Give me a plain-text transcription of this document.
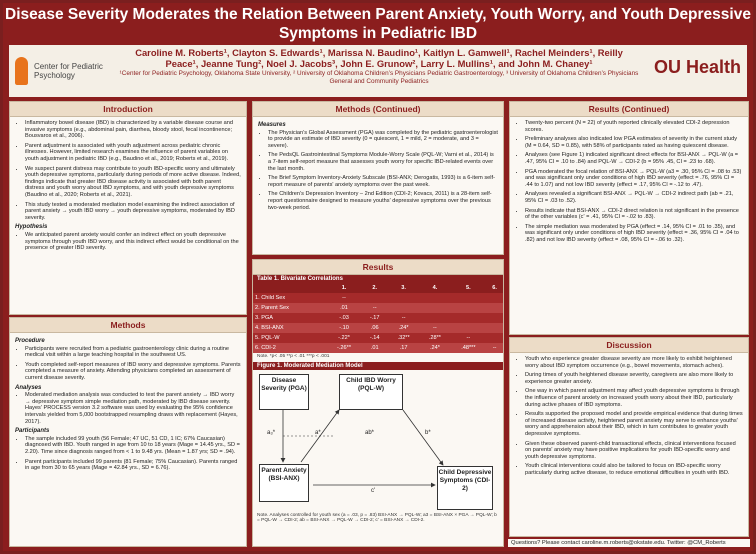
Disease Severity Moderates the Relation Between Parent Anxiety, Youth Worry, and Youth Depressive Symptoms in Pediatric IBD
Center for Pediatric Psychology
Caroline M. Roberts¹, Clayton S. Edwards¹, Marissa N. Baudino¹, Kaitlyn L. Gamwell¹, Rachel Meinders¹, Reilly Peace¹, Jeanne Tung², Noel J. Jacobs³, John E. Grunow², Larry L. Mullins¹, and John M. Chaney¹
¹Center for Pediatric Psychology, Oklahoma State University, ² University of Oklahoma Children’s Physicians Pediatric Gastroenterology, ³ University of Oklahoma Children’s Physicians General and Community Pediatrics
OU Health
Introduction
• Inflammatory bowel disease (IBD) is characterized by a variable disease course and invasive symptoms (e.g., abdominal pain, diarrhea, bloody stool, fecal incontinence; Bousvaros et al., 2006).
• Parent adjustment is associated with youth adjustment across pediatric chronic illnesses. However, limited research examines the influence of parent variables on youth adjustment in pediatric IBD (e.g., Baudino et al., 2019; Roberts et al., 2019).
• We suspect parent distress may contribute to youth IBD-specific worry and ultimately youth depressive symptoms, particularly during periods of more active disease. Indeed, findings indicate that greater IBD disease activity is associated with both parent distress and youth worry about IBD symptoms, and with youth depressive symptoms (Baudino et al., 2020; Roberts et al., 2021).
• This study tested a moderated mediation model examining the indirect association of parent anxiety → youth IBD worry → youth depressive symptoms, moderated by IBD severity.
Hypothesis
• We anticipated parent anxiety would confer an indirect effect on youth depressive symptoms through youth IBD worry, and this indirect effect would be conditional on the presence of greater IBD severity.
Methods
Procedure
• Participants were recruited from a pediatric gastroenterology clinic during a routine medical visit within a large teaching hospital in the southwest US.
• Youth completed self-report measures of IBD worry and depressive symptoms. Parents completed a measure of anxiety. Attending physicians completed an assessment of current disease severity.
Analyses
• Moderated mediation analysis was conducted to test the parent anxiety → IBD worry → depressive symptom simple mediation path, moderated by IBD disease severity. Hayes' PROCESS version 3.2 software was used by evaluating the 95% confidence intervals yielded from 5,000 bootstrapped resampling draws with replacement (Hayes, 2017).
Participants
• The sample included 99 youth (56 Female; 47 UC, 51 CD, 1 IC; 67% Caucasian) diagnosed with IBD. Youth ranged in age from 10 to 18 years (Mage = 14.45 yrs., SD = 2.20). Time since diagnosis ranged from < 1 to 9.48 yrs. (Mean = 1.87 yrs; SD = .94).
• Parent participants included 99 parents (81 Female; 75% Caucasian). Parents ranged in age from 30 to 65 years (Mage = 42.84 yrs., SD = 6.76).
Methods (Continued)
Measures
• The Physician’s Global Assessment (PGA) was completed by the pediatric gastroenterologist to provide an estimate of IBD severity (0 = quiescent, 1 = mild, 2 = moderate, and 3 = severe).
• The PedsQL Gastrointestinal Symptoms Module-Worry Scale (PQL-W; Varni et al., 2014) is a 7-item self-report measure that assesses youth worry for specific IBD-related events over the last month.
• The Brief Symptom Inventory-Anxiety Subscale (BSI-ANX; Derogatis, 1993) is a 6-item self-report measure of parents' anxiety symptoms over the past week.
• The Children’s Depression Inventory – 2nd Edition (CDI-2; Kovacs, 2011) is a 28-item self-report questionnaire designed to measure youths' depressive symptoms over the previous two-week period.
Results
Table 1. Bivariate Correlations
	1.	2.	3.	4.	5.	6.
1. Child Sex	--					
2. Parent Sex	.01	--				
3. PGA	-.03	-.17	--			
4. BSI-ANX	-.10	.06	.24*	--		
5. PQL-W	-.22*	-.14	.32**	.28**	--	
6. CDI-2	-.26**	.01	.17	.24*	.48***	--
Note. *p< .05 **p < .01 ***p < .001
Figure 1. Moderated Mediation Model
Disease Severity (PGA)
Child IBD Worry (PQL-W)
Parent Anxiety (BSI-ANX)
Child Depressive Symptoms (CDI-2)
a₃*	a*	ab*	b*
c'
Note. Analyses controlled for youth sex (a = .03, p = .83) BSI-ANX → PQL-W; a3 = BSI-ANX × PGA → PQL-W; b = PQL-W → CDI-2; ab = BSI-ANX → PQL-W → CDI-2; c' = BSI-ANX → CDI-2.
Results (Continued)
• Twenty-two percent (N = 22) of youth reported clinically elevated CDI-2 depression scores.
• Preliminary analyses also indicated low PGA estimates of severity in the current study (M = 0.64, SD = 0.85), with 58% of participants rated as having quiescent disease.
• Analyses (see Figure 1) indicated significant direct effects for BSI-ANX → PQL-W (a = .47, 95% CI = .10 to .84) and PQL-W → CDI-2 (b = 95% .45, CI = .23 to .68).
• PGA moderated the focal relation of BSI-ANX → PQL-W (a3 = .30, 95% CI = .08 to .53) and was significant only under conditions of high IBD severity (effect = .76, 95% CI = .44 to 1.07) and not low IBD severity (effect = .17, 95% CI = -.12 to .47).
• Analyses revealed a significant BSI-ANX → PQL-W → CDI-2 indirect path (ab = .21, 95% CI = .03 to .52).
• Results indicate that BSI-ANX → CDI-2 direct relation is not significant in the presence of the other variables (c' = .41, 95% CI = -.02 to .83).
• The simple mediation was moderated by PGA (effect = .14, 95% CI = .01 to .35), and was significant only under conditions of high IBD severity (effect = .36, 95% CI = .04 to .82) and not low IBD severity (effect = .08, 95% CI = -.06 to .32).
Discussion
• Youth who experience greater disease severity are more likely to exhibit heightened worry about IBD symptom occurrence (e.g., bowel movements, stomach aches).
• During times of youth heightened disease severity, caregivers are also more likely to experience greater anxiety.
• One way in which parent adjustment may affect youth depressive symptoms is through the influence of parent anxiety on increased youth worry about their IBD, particularly during active phases of IBD symptoms.
• Results supported the proposed model and provide empirical evidence that during times of increased disease activity, heightened parent anxiety may serve to enhance youths' worry and apprehension about their IBD, which in turn contributes to greater youth depressive symptoms.
• Given these observed parent-child transactional effects, clinical interventions focused on parents' anxiety may have positive implications for youth IBD-specific worry and youth depressive symptoms.
• Youth clinical interventions could also be tailored to focus on IBD-specific worry particularly during active disease, to reduce emotional difficulties in youth with IBD.
Questions? Please contact caroline.m.roberts@okstate.edu. Twitter: @CM_Roberts
